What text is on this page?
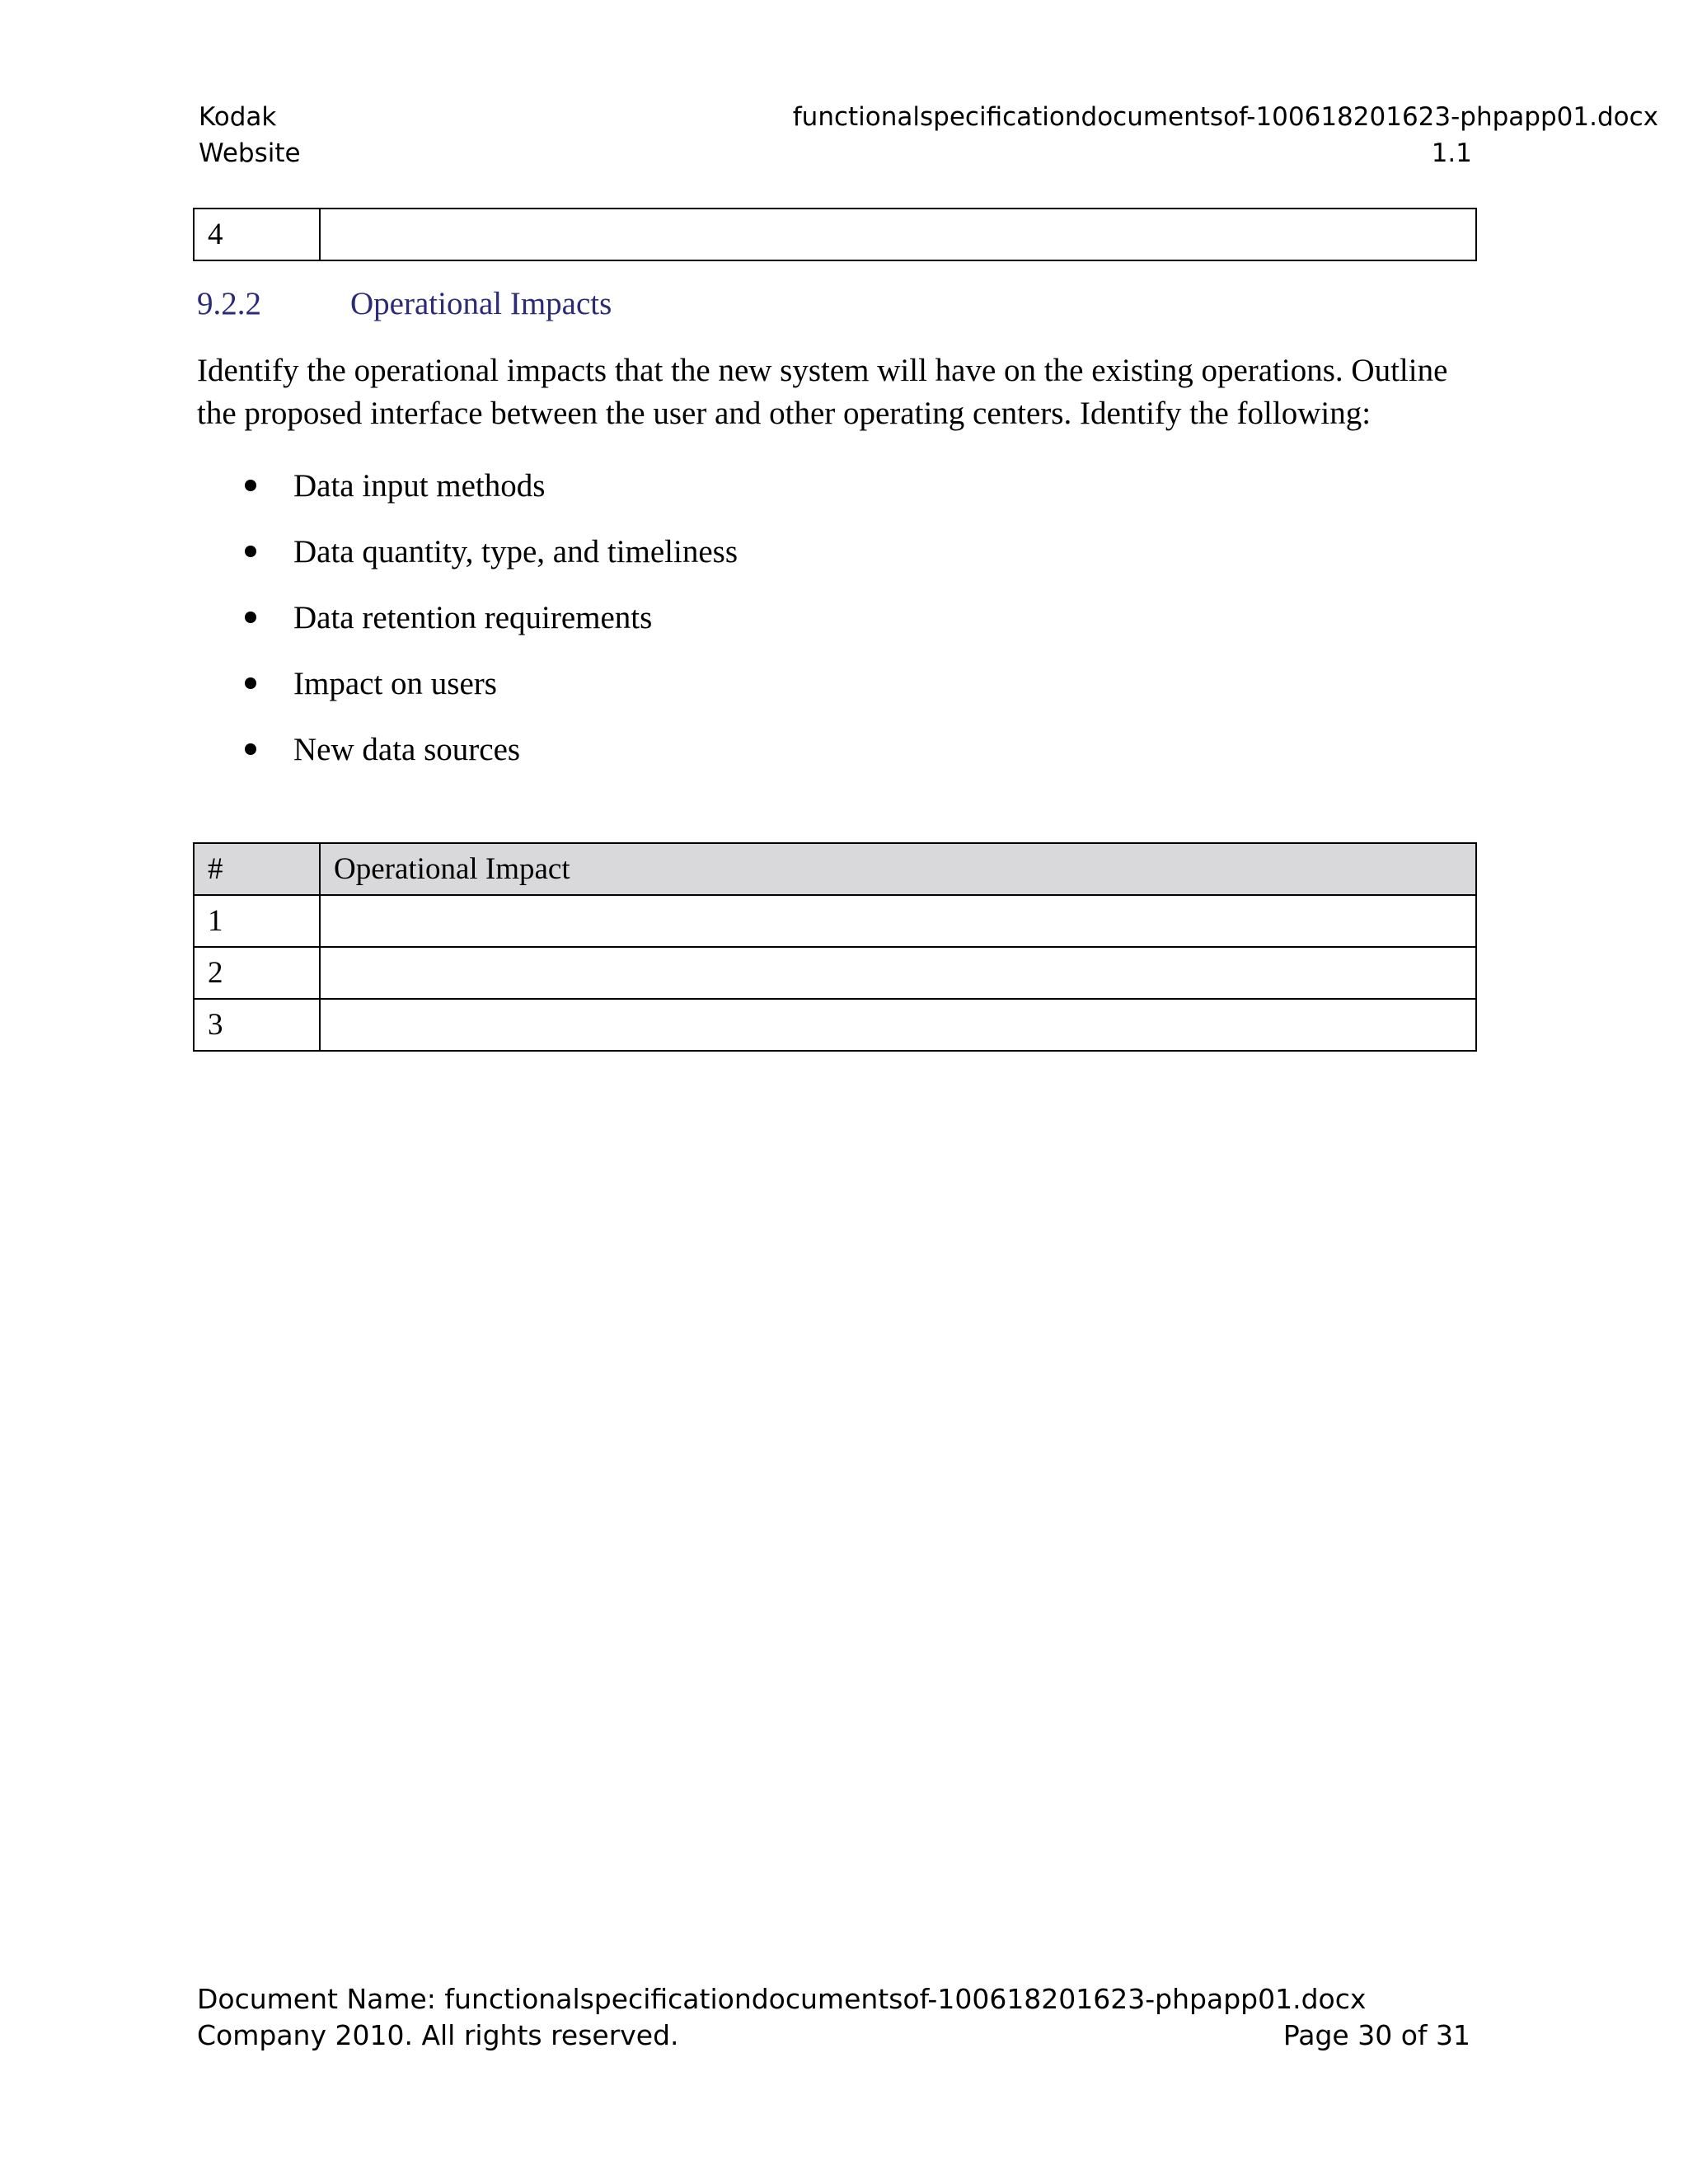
Kodak
Website
functionalspecificationdocumentsof-100618201623-phpapp01.docx
1.1
4	
9.2.2	Operational Impacts
Identify the operational impacts that the new system will have on the existing operations. Outline the proposed interface between the user and other operating centers. Identify the following:
Data input methods
Data quantity, type, and timeliness
Data retention requirements
Impact on users
New data sources
#	Operational Impact
1	
2	
3	
Document Name: functionalspecificationdocumentsof-100618201623-phpapp01.docx
Company 2010. All rights reserved.	Page 30 of 31
